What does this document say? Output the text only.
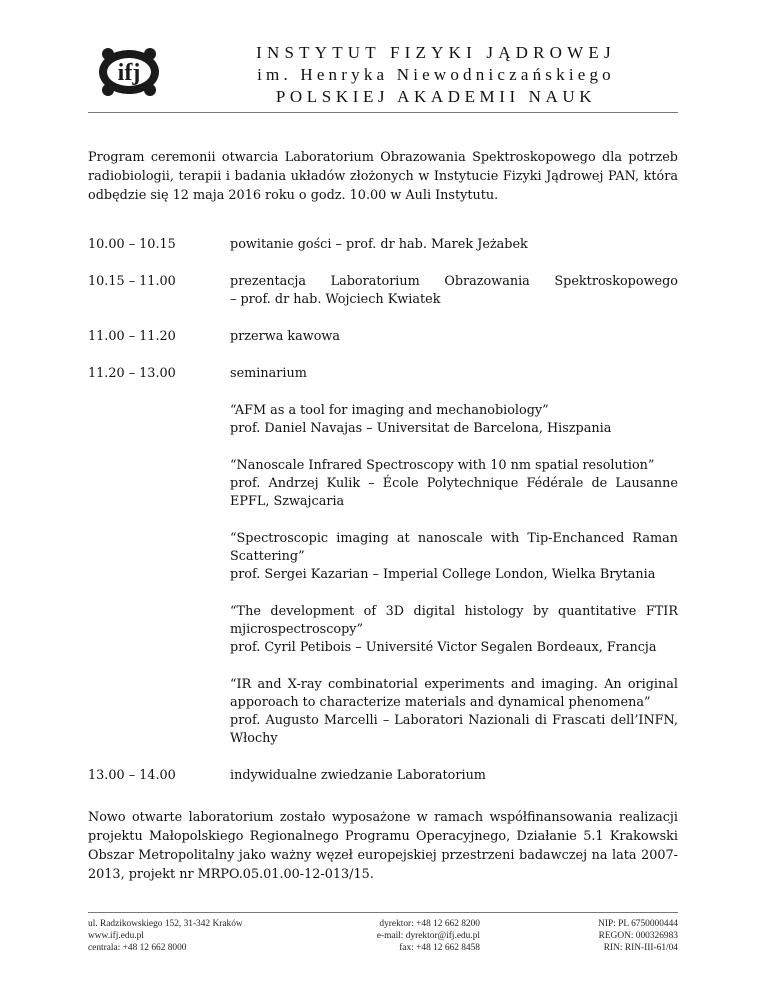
ifj
INSTYTUT FIZYKI JĄDROWEJ
im. Henryka Niewodniczańskiego
POLSKIEJ AKADEMII NAUK
Program ceremonii otwarcia Laboratorium Obrazowania Spektroskopowego dla potrzeb radiobiologii, terapii i badania układów złożonych w Instytucie Fizyki Jądrowej PAN, która odbędzie się 12 maja 2016 roku o godz. 10.00 w Auli Instytutu.
10.00 – 10.15	powitanie gości – prof. dr hab. Marek Jeżabek
10.15 – 11.00	prezentacja Laboratorium Obrazowania Spektroskopowego
– prof. dr hab. Wojciech Kwiatek
11.00 – 11.20	przerwa kawowa
11.20 – 13.00	seminarium
“AFM as a tool for imaging and mechanobiology”
prof. Daniel Navajas – Universitat de Barcelona, Hiszpania
“Nanoscale Infrared Spectroscopy with 10 nm spatial resolution”
prof. Andrzej Kulik – École Polytechnique Fédérale de Lausanne EPFL, Szwajcaria
“Spectroscopic imaging at nanoscale with Tip-Enchanced Raman Scattering”
prof. Sergei Kazarian – Imperial College London, Wielka Brytania
“The development of 3D digital histology by quantitative FTIR mjicrospectroscopy”
prof. Cyril Petibois – Université Victor Segalen Bordeaux, Francja
“IR and X-ray combinatorial experiments and imaging. An original apporoach to characterize materials and dynamical phenomena”
prof. Augusto Marcelli – Laboratori Nazionali di Frascati dell’INFN, Włochy
13.00 – 14.00	indywidualne zwiedzanie Laboratorium
Nowo otwarte laboratorium zostało wyposażone w ramach współfinansowania realizacji projektu Małopolskiego Regionalnego Programu Operacyjnego, Działanie 5.1 Krakowski Obszar Metropolitalny jako ważny węzeł europejskiej przestrzeni badawczej na lata 2007-2013, projekt nr MRPO.05.01.00-12-013/15.
ul. Radzikowskiego 152, 31-342 Kraków
www.ifj.edu.pl
centrala: +48 12 662 8000
dyrektor: +48 12 662 8200
e-mail: dyrektor@ifj.edu.pl
fax: +48 12 662 8458
NIP: PL 6750000444
REGON: 000326983
RIN: RIN-III-61/04
